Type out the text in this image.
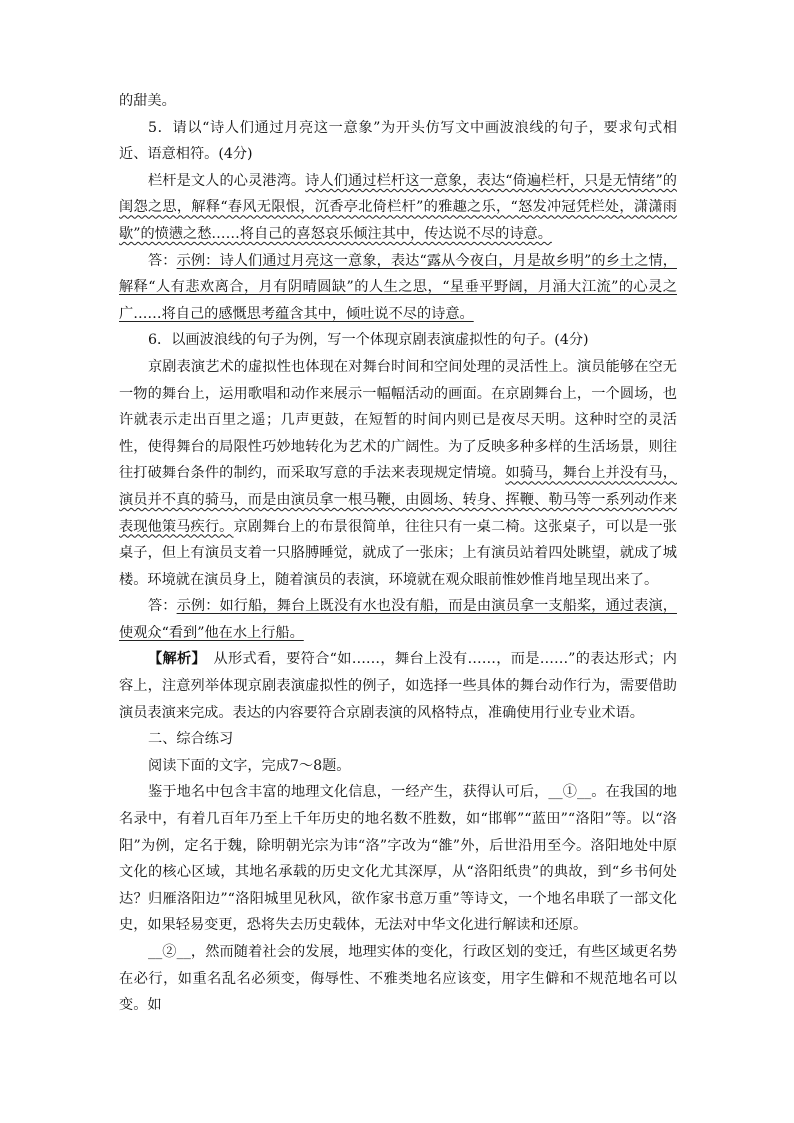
的甜美。

5．请以“诗人们通过月亮这一意象”为开头仿写文中画波浪线的句子，要求句式相近、语意相符。(4分)

栏杆是文人的心灵港湾。诗人们通过栏杆这一意象，表达“倚遍栏杆，只是无情绪”的闺怨之思，解释“春风无限恨，沉香亭北倚栏杆”的雅趣之乐，“怒发冲冠凭栏处，潇潇雨歇”的愤懑之愁……将自己的喜怒哀乐倾注其中，传达说不尽的诗意。

答：示例：诗人们通过月亮这一意象，表达“露从今夜白，月是故乡明”的乡土之情，解释“人有悲欢离合，月有阴晴圆缺”的人生之思，“星垂平野阔，月涌大江流”的心灵之广……将自己的感慨思考蕴含其中，倾吐说不尽的诗意。

6．以画波浪线的句子为例，写一个体现京剧表演虚拟性的句子。(4分)

京剧表演艺术的虚拟性也体现在对舞台时间和空间处理的灵活性上。演员能够在空无一物的舞台上，运用歌唱和动作来展示一幅幅活动的画面。在京剧舞台上，一个圆场，也许就表示走出百里之遥；几声更鼓，在短暂的时间内则已是夜尽天明。这种时空的灵活性，使得舞台的局限性巧妙地转化为艺术的广阔性。为了反映多种多样的生活场景，则往往打破舞台条件的制约，而采取写意的手法来表现规定情境。如骑马，舞台上并没有马，演员并不真的骑马，而是由演员拿一根马鞭，由圆场、转身、挥鞭、勒马等一系列动作来表现他策马疾行。京剧舞台上的布景很简单，往往只有一桌二椅。这张桌子，可以是一张桌子，但上有演员支着一只胳膊睡觉，就成了一张床；上有演员站着四处眺望，就成了城楼。环境就在演员身上，随着演员的表演，环境就在观众眼前惟妙惟肖地呈现出来了。

答：示例：如行船，舞台上既没有水也没有船，而是由演员拿一支船桨，通过表演，使观众“看到”他在水上行船。

【解析】　从形式看，要符合“如……，舞台上没有……，而是……”的表达形式；内容上，注意列举体现京剧表演虚拟性的例子，如选择一些具体的舞台动作行为，需要借助演员表演来完成。表达的内容要符合京剧表演的风格特点，准确使用行业专业术语。

二、综合练习

阅读下面的文字，完成7～8题。

鉴于地名中包含丰富的地理文化信息，一经产生，获得认可后，__①__。在我国的地名录中，有着几百年乃至上千年历史的地名数不胜数，如“邯郸”“蓝田”“洛阳”等。以“洛阳”为例，定名于魏，除明朝光宗为讳“洛”字改为“雒”外，后世沿用至今。洛阳地处中原文化的核心区域，其地名承载的历史文化尤其深厚，从“洛阳纸贵”的典故，到“乡书何处达？归雁洛阳边”“洛阳城里见秋风，欲作家书意万重”等诗文，一个地名串联了一部文化史，如果轻易变更，恐将失去历史载体，无法对中华文化进行解读和还原。

__②__，然而随着社会的发展，地理实体的变化，行政区划的变迁，有些区域更名势在必行，如重名乱名必须变，侮辱性、不雅类地名应该变，用字生僻和不规范地名可以变。如
